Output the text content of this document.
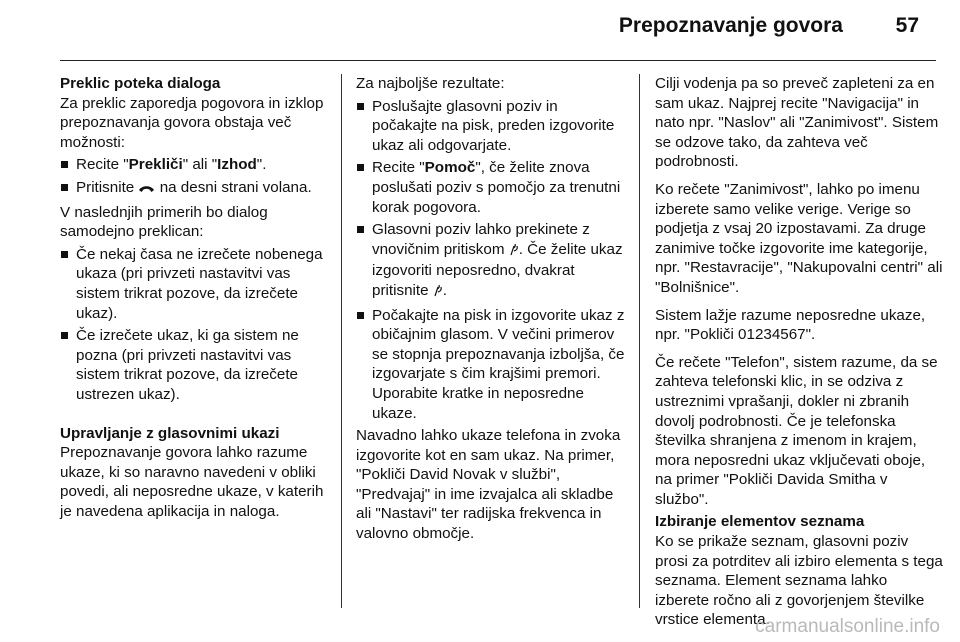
Prepoznavanje govora	57

Preklic poteka dialoga

Za preklic zaporedja pogovora in izklop prepoznavanja govora obstaja več možnosti:

Recite "Prekliči" ali "Izhod".
Pritisnite  na desni strani volana.

V naslednjih primerih bo dialog samodejno preklican:

Če nekaj časa ne izrečete nobenega ukaza (pri privzeti nastavitvi vas sistem trikrat pozove, da izrečete ukaz).
Če izrečete ukaz, ki ga sistem ne pozna (pri privzeti nastavitvi vas sistem trikrat pozove, da izrečete ustrezen ukaz).

Upravljanje z glasovnimi ukazi

Prepoznavanje govora lahko razume ukaze, ki so naravno navedeni v obliki povedi, ali neposredne ukaze, v katerih je navedena aplikacija in naloga.

Za najboljše rezultate:

Poslušajte glasovni poziv in počakajte na pisk, preden izgovorite ukaz ali odgovarjate.
Recite "Pomoč", če želite znova poslušati poziv s pomočjo za trenutni korak pogovora.
Glasovni poziv lahko prekinete z vnovičnim pritiskom . Če želite ukaz izgovoriti neposredno, dvakrat pritisnite .
Počakajte na pisk in izgovorite ukaz z običajnim glasom. V večini primerov se stopnja prepoznavanja izboljša, če izgovarjate s čim krajšimi premori. Uporabite kratke in neposredne ukaze.

Navadno lahko ukaze telefona in zvoka izgovorite kot en sam ukaz. Na primer, "Pokliči David Novak v službi", "Predvajaj" in ime izvajalca ali skladbe ali "Nastavi" ter radijska frekvenca in valovno območje.

Cilji vodenja pa so preveč zapleteni za en sam ukaz. Najprej recite "Navigacija" in nato npr. "Naslov" ali "Zanimivost". Sistem se odzove tako, da zahteva več podrobnosti.

Ko rečete "Zanimivost", lahko po imenu izberete samo velike verige. Verige so podjetja z vsaj 20 izpostavami. Za druge zanimive točke izgovorite ime kategorije, npr. "Restavracije", "Nakupovalni centri" ali "Bolnišnice".

Sistem lažje razume neposredne ukaze, npr. "Pokliči 01234567".

Če rečete "Telefon", sistem razume, da se zahteva telefonski klic, in se odziva z ustreznimi vprašanji, dokler ni zbranih dovolj podrobnosti. Če je telefonska številka shranjena z imenom in krajem, mora neposredni ukaz vključevati oboje, na primer "Pokliči Davida Smitha v službo".

Izbiranje elementov seznama

Ko se prikaže seznam, glasovni poziv prosi za potrditev ali izbiro elementa s tega seznama. Element seznama lahko izberete ročno ali z govorjenjem številke vrstice elementa.

carmanualsonline.info
